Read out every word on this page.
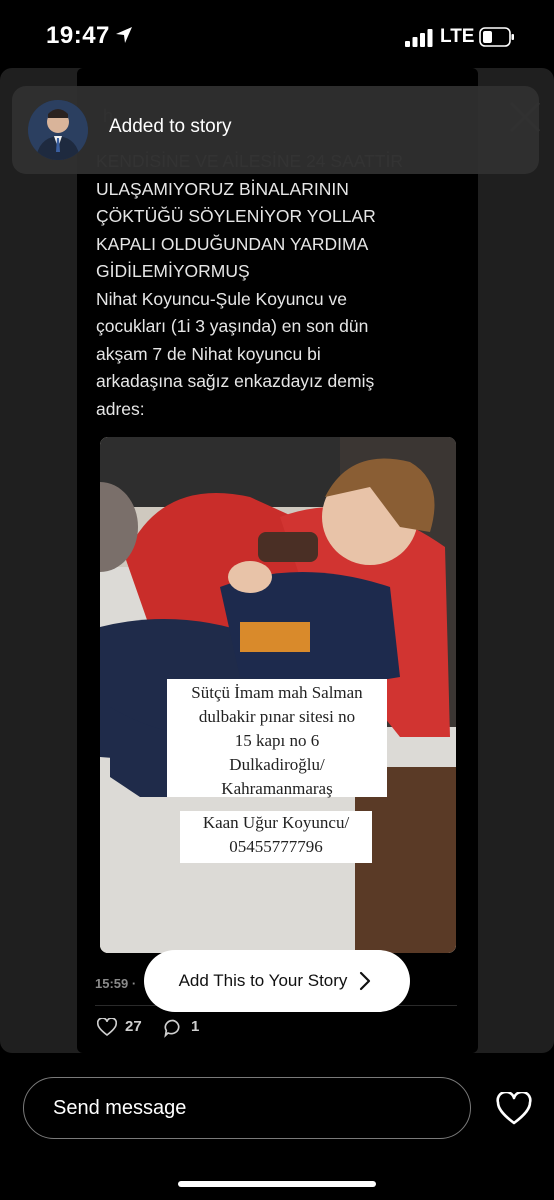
19:47	LTE

ULAŞAMIYORUZ BİNALARININ
ÇÖKTÜĞÜ SÖYLENİYOR YOLLAR
KAPALI OLDUĞUNDAN YARDIMA
GİDİLEMİYORMUŞ
Nihat Koyuncu-Şule Koyuncu ve
çocukları (1i 3 yaşında) en son dün
akşam 7 de Nihat koyuncu bi
arkadaşına sağız enkazdayız demiş
adres:
Sütçü İmam mah Salman
dulbakir pınar sitesi no
15 kapı no 6
Dulkadiroğlu/
Kahramanmaraş
Kaan Uğur Koyuncu/
05455777796
15:59 ·
27	1
Add This to Your Story
Added to story
Send message
